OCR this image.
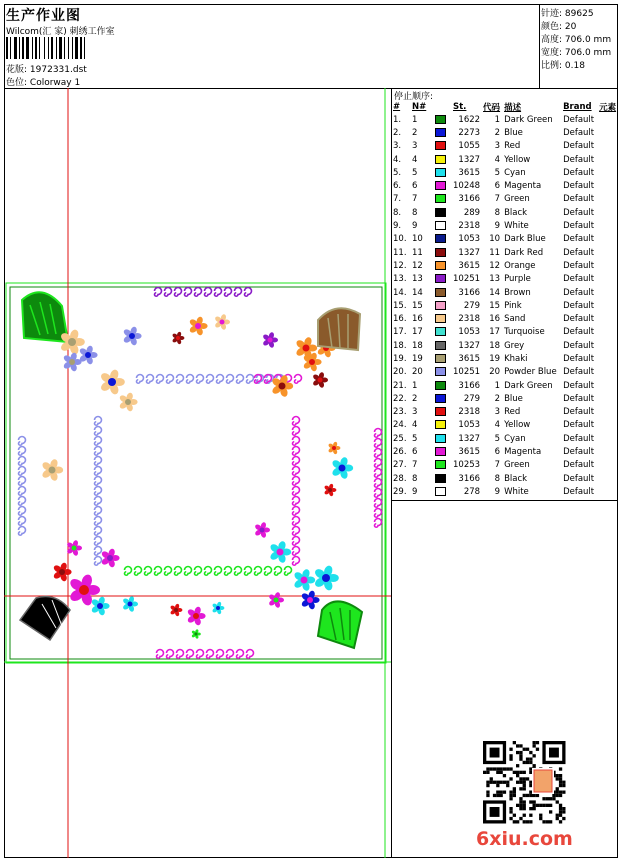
生产作业图
Wilcom(汇 家) 刺绣工作室
花版: 1972331.dst
色位: Colorway 1
针迹: 89625
颜色: 20
高度: 706.0 mm
宽度: 706.0 mm
比例: 0.18
停止顺序:
#	N#		St.	代码	描述	Brand	元素
1.	1		1622	1	Dark Green	Default	
2.	2		2273	2	Blue	Default	
3.	3		1055	3	Red	Default	
4.	4		1327	4	Yellow	Default	
5.	5		3615	5	Cyan	Default	
6.	6		10248	6	Magenta	Default	
7.	7		3166	7	Green	Default	
8.	8		289	8	Black	Default	
9.	9		2318	9	White	Default	
10.	10		1053	10	Dark Blue	Default	
11.	11		1327	11	Dark Red	Default	
12.	12		3615	12	Orange	Default	
13.	13		10251	13	Purple	Default	
14.	14		3166	14	Brown	Default	
15.	15		279	15	Pink	Default	
16.	16		2318	16	Sand	Default	
17.	17		1053	17	Turquoise	Default	
18.	18		1327	18	Grey	Default	
19.	19		3615	19	Khaki	Default	
20.	20		10251	20	Powder Blue	Default	
21.	1		3166	1	Dark Green	Default	
22.	2		279	2	Blue	Default	
23.	3		2318	3	Red	Default	
24.	4		1053	4	Yellow	Default	
25.	5		1327	5	Cyan	Default	
26.	6		3615	6	Magenta	Default	
27.	7		10253	7	Green	Default	
28.	8		3166	8	Black	Default	
29.	9		278	9	White	Default	
6xiu.com
